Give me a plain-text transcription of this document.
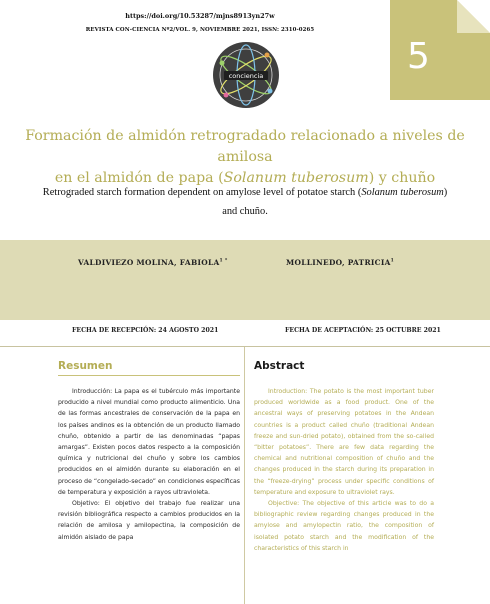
https://doi.org/10.53287/mjns8913yn27w
REVISTA CON-CIENCIA Nº2/VOL. 9, NOVIEMBRE 2021, ISSN: 2310-0265
conciencia	5
Formación de almidón retrogradado relacionado a niveles de amilosa
en el almidón de papa (Solanum tuberosum) y chuño
Retrograded starch formation dependent on amylose level of potatoe starch (Solanum tuberosum)
and chuño.
VALDIVIEZO MOLINA, $FABIOLA^{1 *}$	MOLLINEDO, PATRICIA$^1$
FECHA DE RECEPCIÓN: 24 AGOSTO 2021	FECHA DE ACEPTACIÓN: 25 OCTUBRE 2021
Resumen	Abstract

Introducción: La papa es el tubérculo más importante producido a nivel mundial como producto alimenticio. Una de las formas ancestrales de conservación de la papa en los países andinos es la obtención de un producto llamado chuño, obtenido a partir de las denominadas “papas amargas”. Existen pocos datos respecto a la composición química y nutricional del chuño y sobre los cambios producidos en el almidón durante su elaboración en el proceso de “congelado-secado” en condiciones específicas de temperatura y exposición a rayos ultravioleta.

Objetivo: El objetivo del trabajo fue realizar una revisión bibliográfica respecto a cambios producidos en la relación de amilosa y amilopectina, la composición de almidón aislado de papa

Introduction: The potato is the most important tuber produced worldwide as a food product. One of the ancestral ways of preserving potatoes in the Andean countries is a product called chuño (traditional Andean freeze and sun-dried potato), obtained from the so-called “bitter potatoes”. There are few data regarding the chemical and nutritional composition of chuño and the changes produced in the starch during its preparation in the “freeze-drying” process under specific conditions of temperature and exposure to ultraviolet rays.

Objective: The objective of this article was to do a bibliographic review regarding changes produced in the amylose and amylopectin ratio, the composition of isolated potato starch and the modification of the characteristics of this starch in
